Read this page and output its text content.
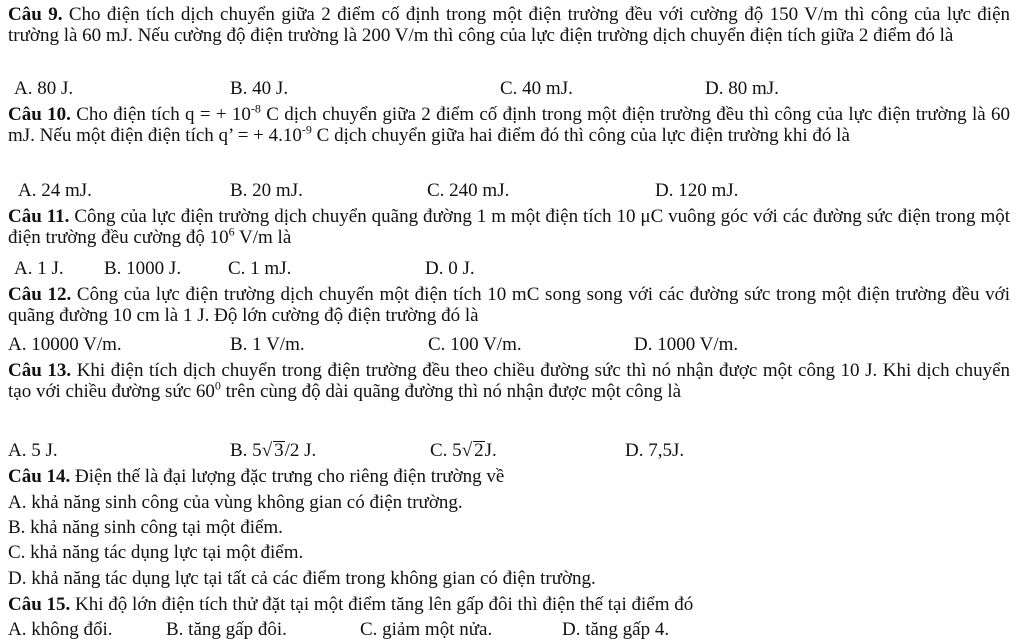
Câu 9. Cho điện tích dịch chuyển giữa 2 điểm cố định trong một điện trường đều với cường độ 150 V/m thì công của lực điện trường là 60 mJ. Nếu cường độ điện trường là 200 V/m thì công của lực điện trường dịch chuyển điện tích giữa 2 điểm đó là
A. 80 J.	B. 40 J.	C. 40 mJ.	D. 80 mJ.
Câu 10. Cho điện tích q = + $10^{-8}$ C dịch chuyển giữa 2 điểm cố định trong một điện trường đều thì công của lực điện trường là 60 mJ. Nếu một điện điện tích q’ = + $4.10^{-9}$ C dịch chuyển giữa hai điểm đó thì công của lực điện trường khi đó là
A. 24 mJ.	B. 20 mJ.	C. 240 mJ.	D. 120 mJ.
Câu 11. Công của lực điện trường dịch chuyển quãng đường 1 m một điện tích 10 μC vuông góc với các đường sức điện trong một điện trường đều cường độ $10^6$ V/m là
A. 1 J. B. 1000 J. C. 1 mJ.	D. 0 J.
Câu 12. Công của lực điện trường dịch chuyển một điện tích 10 mC song song với các đường sức trong một điện trường đều với quãng đường 10 cm là 1 J. Độ lớn cường độ điện trường đó là
A. 10000 V/m.	B. 1 V/m.	C. 100 V/m.	D. 1000 V/m.
Câu 13. Khi điện tích dịch chuyển trong điện trường đều theo chiều đường sức thì nó nhận được một công 10 J. Khi dịch chuyển tạo với chiều đường sức $60^0$ trên cùng độ dài quãng đường thì nó nhận được một công là
A. 5 J.	B. 5√ 3/2 J.	C. 5√ 2J.	D. 7,5J.
Câu 14. Điện thế là đại lượng đặc trưng cho riêng điện trường về
A. khả năng sinh công của vùng không gian có điện trường.
B. khả năng sinh công tại một điểm.
C. khả năng tác dụng lực tại một điểm.
D. khả năng tác dụng lực tại tất cả các điểm trong không gian có điện trường.
Câu 15. Khi độ lớn điện tích thử đặt tại một điểm tăng lên gấp đôi thì điện thế tại điểm đó
A. không đổi.	B. tăng gấp đôi.	C. giảm một nửa.	D. tăng gấp 4.
